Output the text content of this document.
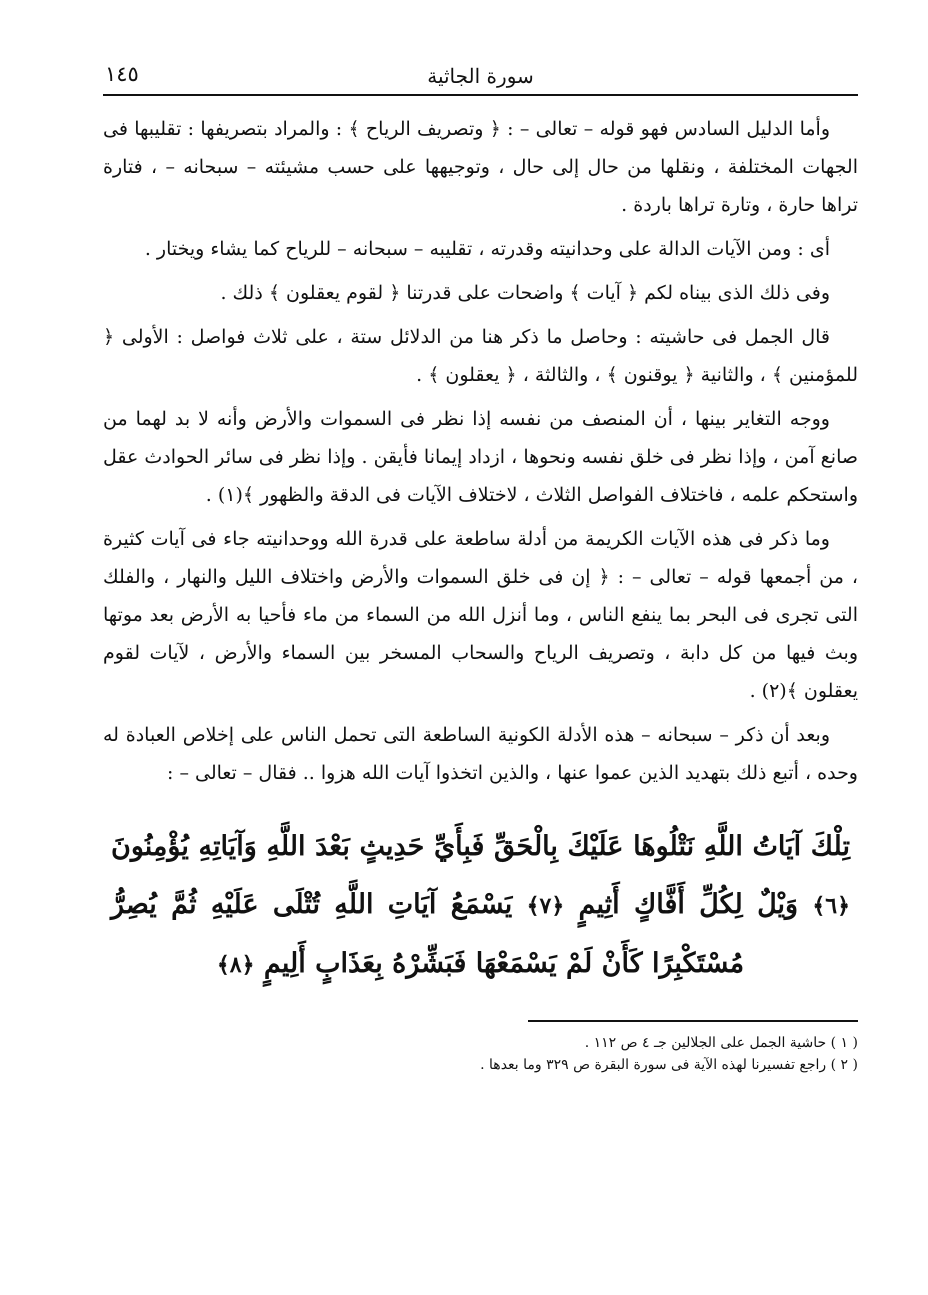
سورة الجاثية
١٤٥

وأما الدليل السادس فهو قوله – تعالى – : ﴿ وتصريف الرياح ﴾ : والمراد بتصريفها : تقليبها فى الجهات المختلفة ، ونقلها من حال إلى حال ، وتوجيهها على حسب مشيئته – سبحانه – ، فتارة تراها حارة ، وتارة تراها باردة .

أى : ومن الآيات الدالة على وحدانيته وقدرته ، تقليبه – سبحانه – للرياح كما يشاء ويختار .

وفى ذلك الذى بيناه لكم ﴿ آيات ﴾ واضحات على قدرتنا ﴿ لقوم يعقلون ﴾ ذلك .

قال الجمل فى حاشيته : وحاصل ما ذكر هنا من الدلائل ستة ، على ثلاث فواصل : الأولى ﴿ للمؤمنين ﴾ ، والثانية ﴿ يوقنون ﴾ ، والثالثة ، ﴿ يعقلون ﴾ .

ووجه التغاير بينها ، أن المنصف من نفسه إذا نظر فى السموات والأرض وأنه لا بد لهما من صانع آمن ، وإذا نظر فى خلق نفسه ونحوها ، ازداد إيمانا فأيقن . وإذا نظر فى سائر الحوادث عقل واستحكم علمه ، فاختلاف الفواصل الثلاث ، لاختلاف الآيات فى الدقة والظهور ﴾(١) .

وما ذكر فى هذه الآيات الكريمة من أدلة ساطعة على قدرة الله ووحدانيته جاء فى آيات كثيرة ، من أجمعها قوله – تعالى – : ﴿ إن فى خلق السموات والأرض واختلاف الليل والنهار ، والفلك التى تجرى فى البحر بما ينفع الناس ، وما أنزل الله من السماء من ماء فأحيا به الأرض بعد موتها وبث فيها من كل دابة ، وتصريف الرياح والسحاب المسخر بين السماء والأرض ، لآيات لقوم يعقلون ﴾(٢) .

وبعد أن ذكر – سبحانه – هذه الأدلة الكونية الساطعة التى تحمل الناس على إخلاص العبادة له وحده ، أتبع ذلك بتهديد الذين عموا عنها ، والذين اتخذوا آيات الله هزوا .. فقال – تعالى – :

تِلْكَ آيَاتُ اللَّهِ نَتْلُوهَا عَلَيْكَ بِالْحَقِّ فَبِأَيِّ حَدِيثٍ بَعْدَ اللَّهِ وَآيَاتِهِ يُؤْمِنُونَ ﴿٦﴾ وَيْلٌ لِكُلِّ أَفَّاكٍ أَثِيمٍ ﴿٧﴾ يَسْمَعُ آيَاتِ اللَّهِ تُتْلَى عَلَيْهِ ثُمَّ يُصِرُّ مُسْتَكْبِرًا كَأَنْ لَمْ يَسْمَعْهَا فَبَشِّرْهُ بِعَذَابٍ أَلِيمٍ ﴿٨﴾
( ١ ) حاشية الجمل على الجلالين جـ ٤ ص ١١٢ .
( ٢ ) راجع تفسيرنا لهذه الآية فى سورة البقرة ص ٣٢٩ وما بعدها .
